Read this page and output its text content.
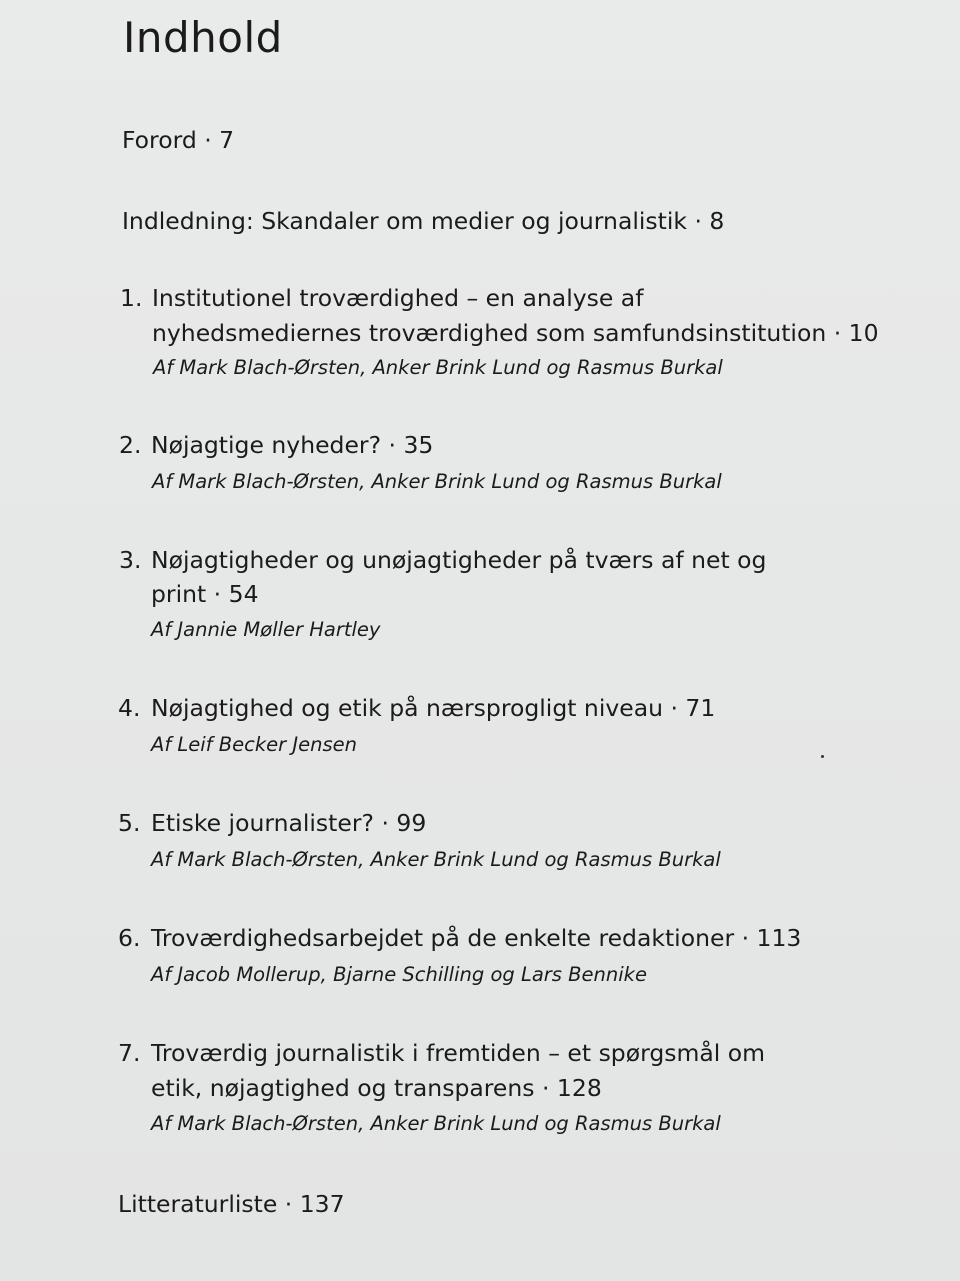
Indhold
Forord · 7
Indledning: Skandaler om medier og journalistik · 8
1. Institutionel troværdighed – en analyse af
nyhedsmediernes troværdighed som samfundsinstitution · 10
Af Mark Blach-Ørsten, Anker Brink Lund og Rasmus Burkal
2. Nøjagtige nyheder? · 35
Af Mark Blach-Ørsten, Anker Brink Lund og Rasmus Burkal
3. Nøjagtigheder og unøjagtigheder på tværs af net og
print · 54
Af Jannie Møller Hartley
4. Nøjagtighed og etik på nærsprogligt niveau · 71
Af Leif Becker Jensen
5. Etiske journalister? · 99
Af Mark Blach-Ørsten, Anker Brink Lund og Rasmus Burkal
6. Troværdighedsarbejdet på de enkelte redaktioner · 113
Af Jacob Mollerup, Bjarne Schilling og Lars Bennike
7. Troværdig journalistik i fremtiden – et spørgsmål om
etik, nøjagtighed og transparens · 128
Af Mark Blach-Ørsten, Anker Brink Lund og Rasmus Burkal
Litteraturliste · 137
